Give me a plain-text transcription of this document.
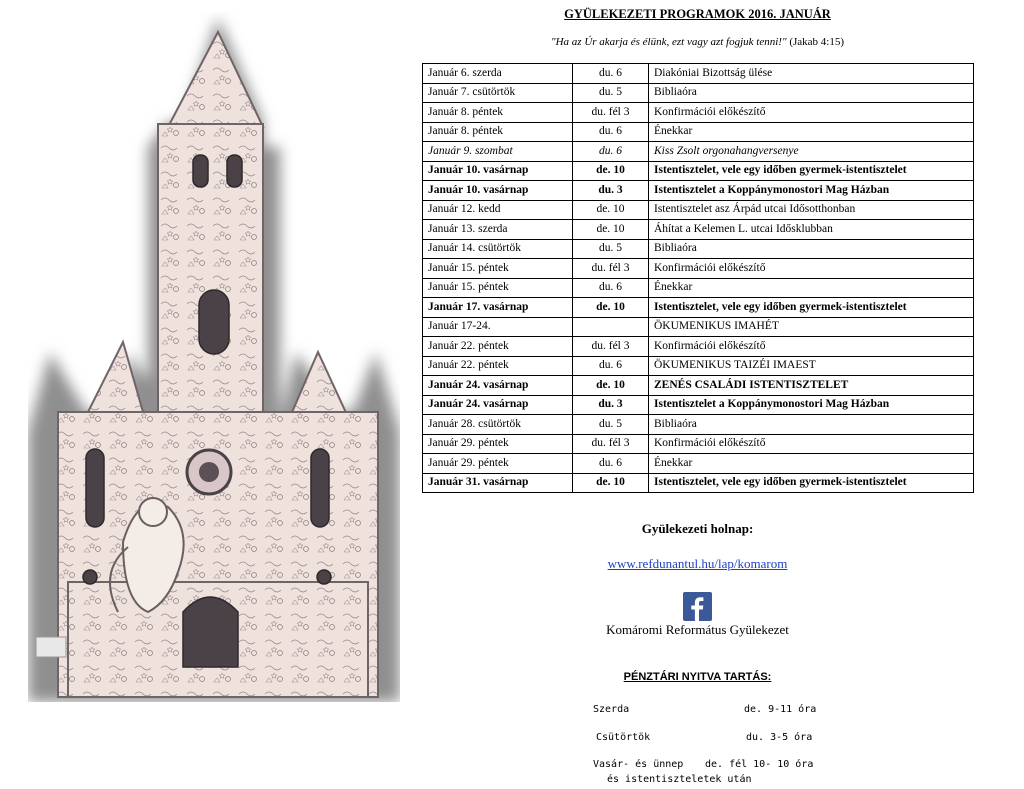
GYÜLEKEZETI PROGRAMOK 2016. JANUÁR
"Ha az Úr akarja és élünk, ezt vagy azt fogjuk tenni!" (Jakab 4:15)
Január 6. szerda	du. 6	Diakóniai Bizottság ülése
Január 7. csütörtök	du. 5	Bibliaóra
Január 8. péntek	du. fél 3	Konfirmációi előkészítő
Január 8. péntek	du. 6	Énekkar
Január 9. szombat	du. 6	Kiss Zsolt orgonahangversenye
Január 10. vasárnap	de. 10	Istentisztelet, vele egy időben gyermek-istentisztelet
Január 10. vasárnap	du. 3	Istentisztelet a Koppánymonostori Mag Házban
Január 12. kedd	de. 10	Istentisztelet asz Árpád utcai Idősotthonban
Január 13. szerda	de. 10	Áhítat a Kelemen L. utcai Idősklubban
Január 14. csütörtök	du. 5	Bibliaóra
Január 15. péntek	du. fél 3	Konfirmációi előkészítő
Január 15. péntek	du. 6	Énekkar
Január 17. vasárnap	de. 10	Istentisztelet, vele egy időben gyermek-istentisztelet
Január 17-24.		ÖKUMENIKUS IMAHÉT
Január 22. péntek	du. fél 3	Konfirmációi előkészítő
Január 22. péntek	du. 6	ÖKUMENIKUS TAIZÉI IMAEST
Január 24. vasárnap	de. 10	ZENÉS CSALÁDI ISTENTISZTELET
Január 24. vasárnap	du. 3	Istentisztelet a Koppánymonostori Mag Házban
Január 28. csütörtök	du. 5	Bibliaóra
Január 29. péntek	du. fél 3	Konfirmációi előkészítő
Január 29. péntek	du. 6	Énekkar
Január 31. vasárnap	de. 10	Istentisztelet, vele egy időben gyermek-istentisztelet
Gyülekezeti holnap:
www.refdunantul.hu/lap/komarom
Komáromi Református Gyülekezet
PÉNZTÁRI NYITVA TARTÁS:
Szerda	de. 9-11 óra
Csütörtök	du. 3-5 óra
Vasár- és ünnep de. fél 10- 10 óra
és istentiszteletek után
